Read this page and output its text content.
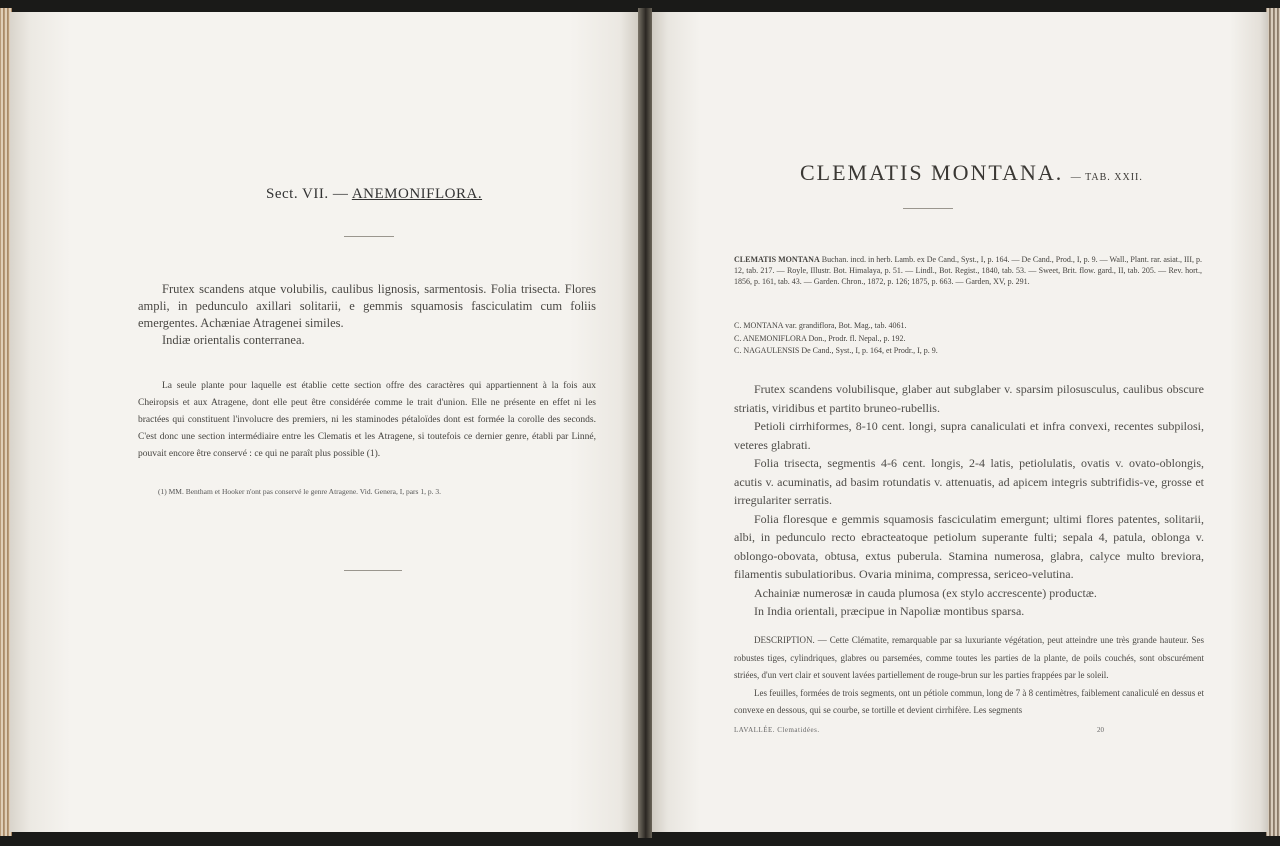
Sect. VII. — ANEMONIFLORA.
Frutex scandens atque volubilis, caulibus lignosis, sarmentosis. Folia trisecta. Flores ampli, in pedunculo axillari solitarii, e gemmis squamosis fasciculatim cum foliis emergentes. Achæniae Atragenei similes.
Indiæ orientalis conterranea.
La seule plante pour laquelle est établie cette section offre des caractères qui appartiennent à la fois aux Cheiropsis et aux Atragene, dont elle peut être considérée comme le trait d'union. Elle ne présente en effet ni les bractées qui constituent l'involucre des premiers, ni les staminodes pétaloïdes dont est formée la corolle des seconds. C'est donc une section intermédiaire entre les Clematis et les Atragene, si toutefois ce dernier genre, établi par Linné, pouvait encore être conservé : ce qui ne paraît plus possible (1).
(1) MM. Bentham et Hooker n'ont pas conservé le genre Atragene. Vid. Genera, I, pars 1, p. 3.
CLEMATIS MONTANA. — TAB. XXII.
CLEMATIS MONTANA Buchan. incd. in herb. Lamb. ex De Cand., Syst., I, p. 164. — De Cand., Prod., I, p. 9. — Wall., Plant. rar. asiat., III, p. 12, tab. 217. — Royle, Illustr. Bot. Himalaya, p. 51. — Lindl., Bot. Regist., 1840, tab. 53. — Sweet, Brit. flow. gard., II, tab. 205. — Rev. hort., 1856, p. 161, tab. 43. — Garden. Chron., 1872, p. 126; 1875, p. 663. — Garden, XV, p. 291.
C. MONTANA var. grandiflora, Bot. Mag., tab. 4061.
C. ANEMONIFLORA Don., Prodr. fl. Nepal., p. 192.
C. NAGAULENSIS De Cand., Syst., I, p. 164, et Prodr., I, p. 9.

Frutex scandens volubilisque, glaber aut subglaber v. sparsim pilosusculus, caulibus obscure striatis, viridibus et partito bruneo-rubellis.

Petioli cirrhiformes, 8-10 cent. longi, supra canaliculati et infra convexi, recentes subpilosi, veteres glabrati.

Folia trisecta, segmentis 4-6 cent. longis, 2-4 latis, petiolulatis, ovatis v. ovato-oblongis, acutis v. acuminatis, ad basim rotundatis v. attenuatis, ad apicem integris subtrifidis-ve, grosse et irregulariter serratis.

Folia floresque e gemmis squamosis fasciculatim emergunt; ultimi flores patentes, solitarii, albi, in pedunculo recto ebracteatoque petiolum superante fulti; sepala 4, patula, oblonga v. oblongo-obovata, obtusa, extus puberula. Stamina numerosa, glabra, calyce multo breviora, filamentis subulatioribus. Ovaria minima, compressa, sericeo-velutina.

Achainiæ numerosæ in cauda plumosa (ex stylo accrescente) productæ.

In India orientali, præcipue in Napoliæ montibus sparsa.

DESCRIPTION. — Cette Clématite, remarquable par sa luxuriante végétation, peut atteindre une très grande hauteur. Ses robustes tiges, cylindriques, glabres ou parsemées, comme toutes les parties de la plante, de poils couchés, sont obscurément striées, d'un vert clair et souvent lavées partiellement de rouge-brun sur les parties frappées par le soleil.

Les feuilles, formées de trois segments, ont un pétiole commun, long de 7 à 8 centimètres, faiblement canaliculé en dessus et convexe en dessous, qui se courbe, se tortille et devient cirrhifère. Les segments

LAVALLÉE. Clematidées.	20
